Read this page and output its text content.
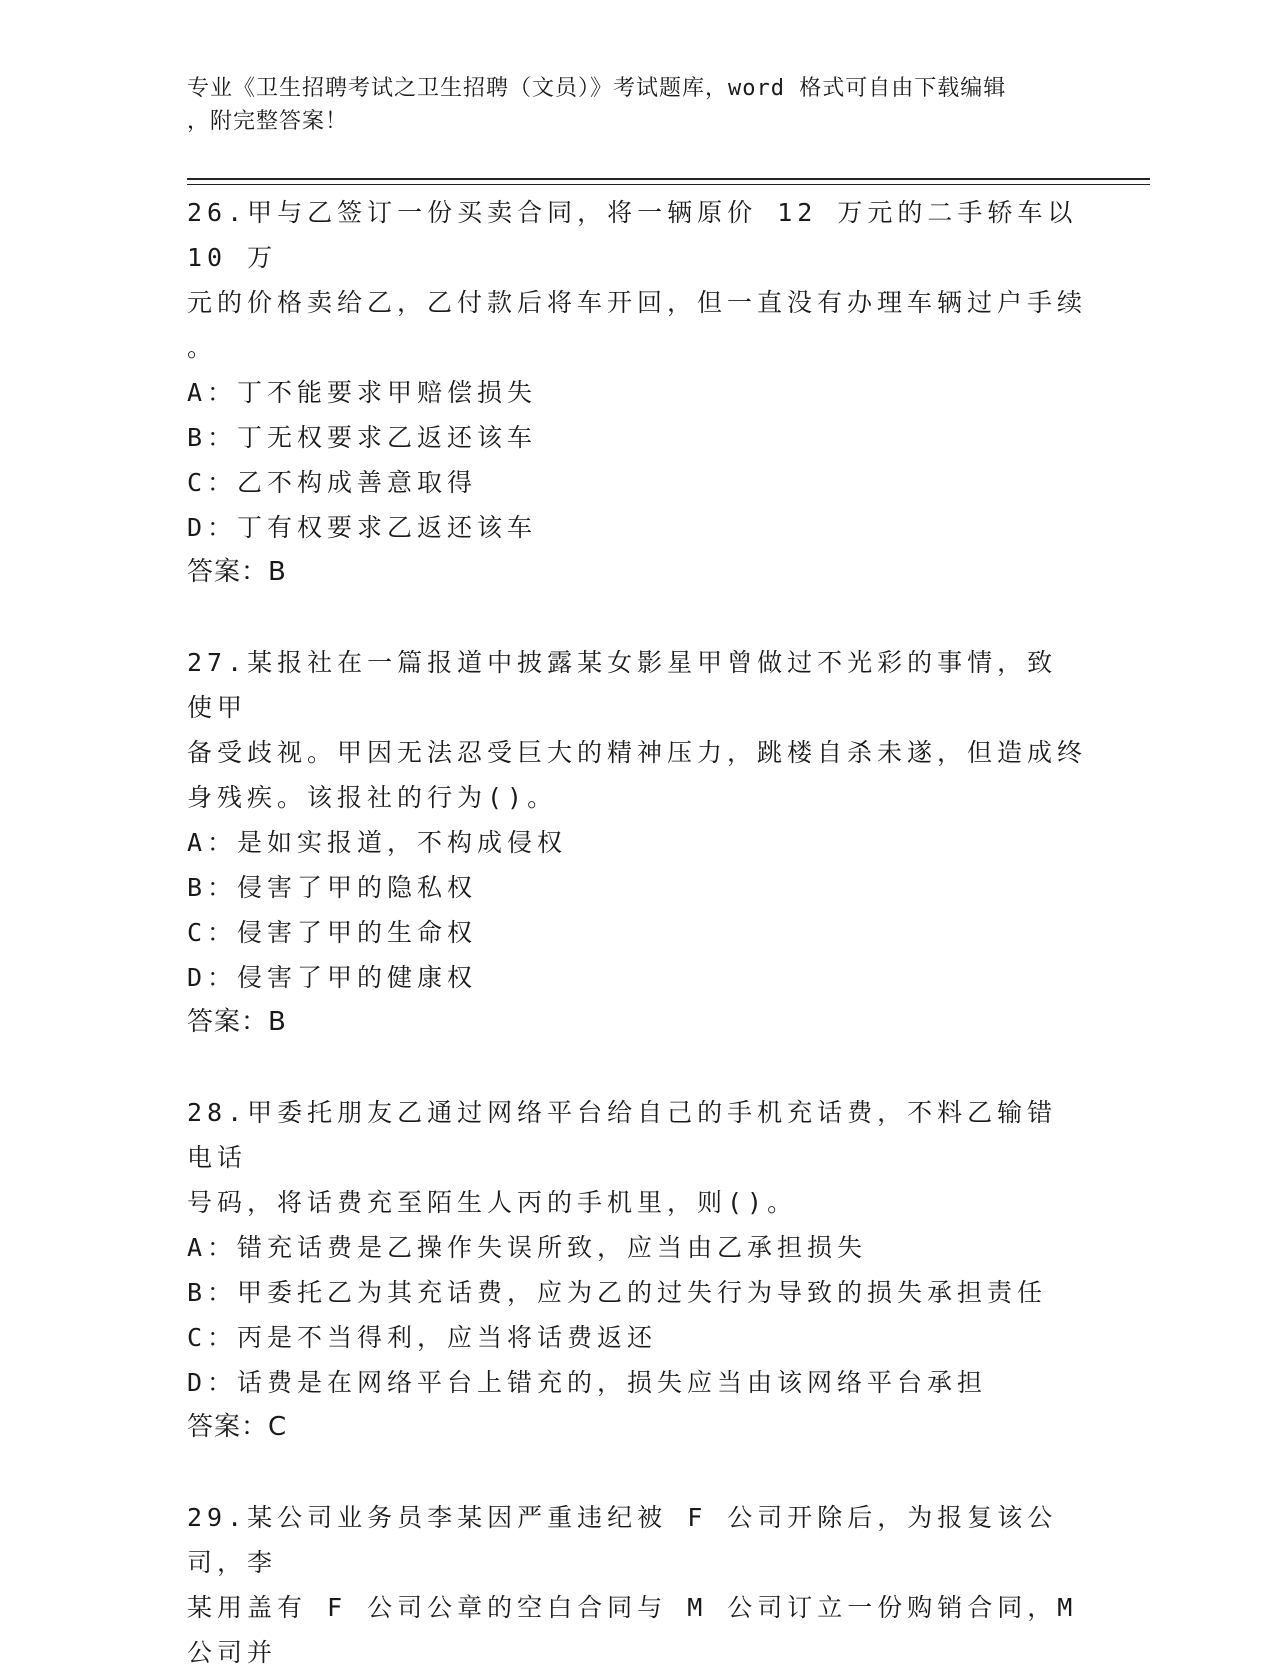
专业《卫生招聘考试之卫生招聘（文员）》考试题库，word 格式可自由下载编辑
，附完整答案！

26.甲与乙签订一份买卖合同，将一辆原价 12 万元的二手轿车以 10 万

元的价格卖给乙，乙付款后将车开回，但一直没有办理车辆过户手续

。

A：丁不能要求甲赔偿损失

B：丁无权要求乙返还该车

C：乙不构成善意取得

D：丁有权要求乙返还该车

答案：B

27.某报社在一篇报道中披露某女影星甲曾做过不光彩的事情，致使甲

备受歧视。甲因无法忍受巨大的精神压力，跳楼自杀未遂，但造成终

身残疾。该报社的行为()。

A：是如实报道，不构成侵权

B：侵害了甲的隐私权

C：侵害了甲的生命权

D：侵害了甲的健康权

答案：B

28.甲委托朋友乙通过网络平台给自己的手机充话费，不料乙输错电话

号码，将话费充至陌生人丙的手机里，则()。

A：错充话费是乙操作失误所致，应当由乙承担损失

B：甲委托乙为其充话费，应为乙的过失行为导致的损失承担责任

C：丙是不当得利，应当将话费返还

D：话费是在网络平台上错充的，损失应当由该网络平台承担

答案：C

29.某公司业务员李某因严重违纪被 F 公司开除后，为报复该公司，李

某用盖有 F 公司公章的空白合同与 M 公司订立一份购销合同，M 公司并
